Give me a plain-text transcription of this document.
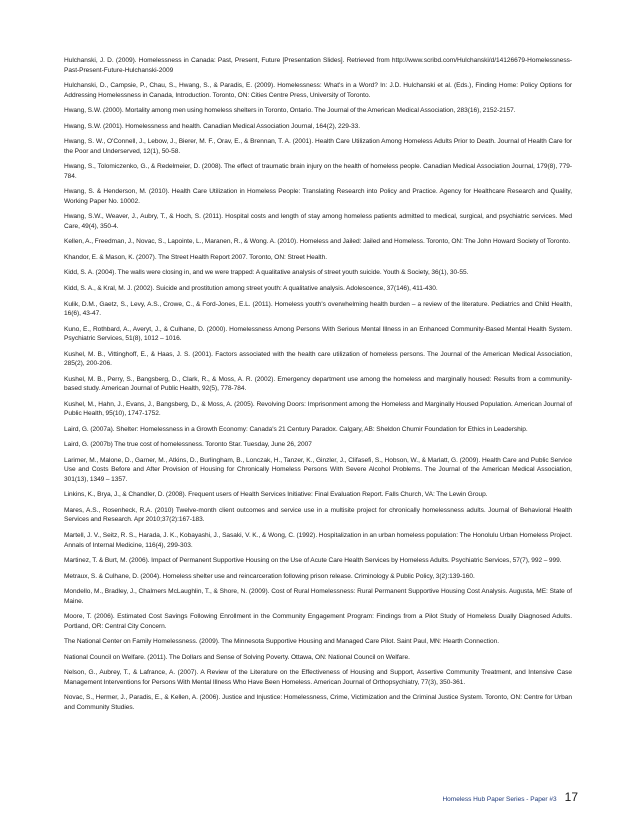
Hulchanski, J. D. (2009). Homelessness in Canada: Past, Present, Future [Presentation Slides]. Retrieved from http://www.scribd.com/Hulchanski/d/14126679-Homelessness-Past-Present-Future-Hulchanski-2009

Hulchanski, D., Campsie, P., Chau, S., Hwang, S., & Paradis, E. (2009). Homelessness: What's in a Word? In: J.D. Hulchanski et al. (Eds.), Finding Home: Policy Options for Addressing Homelessness in Canada, Introduction. Toronto, ON: Cities Centre Press, University of Toronto.

Hwang, S.W. (2000). Mortality among men using homeless shelters in Toronto, Ontario. The Journal of the American Medical Association, 283(16), 2152-2157.

Hwang, S.W. (2001). Homelessness and health. Canadian Medical Association Journal, 164(2), 229-33.

Hwang, S. W., O'Connell, J., Lebow, J., Bierer, M. F., Orav, E., & Brennan, T. A. (2001). Health Care Utilization Among Homeless Adults Prior to Death. Journal of Health Care for the Poor and Underserved, 12(1), 50-58.

Hwang, S., Tolomiczenko, G., & Redelmeier, D. (2008). The effect of traumatic brain injury on the health of homeless people. Canadian Medical Association Journal, 179(8), 779-784.

Hwang, S. & Henderson, M. (2010). Health Care Utilization in Homeless People: Translating Research into Policy and Practice. Agency for Healthcare Research and Quality, Working Paper No. 10002.

Hwang, S.W., Weaver, J., Aubry, T., & Hoch, S. (2011). Hospital costs and length of stay among homeless patients admitted to medical, surgical, and psychiatric services. Med Care, 49(4), 350-4.

Kellen, A., Freedman, J., Novac, S., Lapointe, L., Maranen, R., & Wong. A. (2010). Homeless and Jailed: Jailed and Homeless. Toronto, ON: The John Howard Society of Toronto.

Khandor, E. & Mason, K. (2007). The Street Health Report 2007. Toronto, ON: Street Health.

Kidd, S. A. (2004). The walls were closing in, and we were trapped: A qualitative analysis of street youth suicide. Youth & Society, 36(1), 30-55.

Kidd, S. A., & Kral, M. J. (2002). Suicide and prostitution among street youth: A qualitative analysis. Adolescence, 37(146), 411-430.

Kulik, D.M., Gaetz, S., Levy, A.S., Crowe, C., & Ford-Jones, E.L. (2011). Homeless youth's overwhelming health burden – a review of the literature. Pediatrics and Child Health, 16(6), 43-47.

Kuno, E., Rothbard, A., Averyt, J., & Culhane, D. (2000). Homelessness Among Persons With Serious Mental Illness in an Enhanced Community-Based Mental Health System. Psychiatric Services, 51(8), 1012 – 1016.

Kushel, M. B., Vittinghoff, E., & Haas, J. S. (2001). Factors associated with the health care utilization of homeless persons. The Journal of the American Medical Association, 285(2), 200-206.

Kushel, M. B., Perry, S., Bangsberg, D., Clark, R., & Moss, A. R. (2002). Emergency department use among the homeless and marginally housed: Results from a community-based study. American Journal of Public Health, 92(5), 778-784.

Kushel, M., Hahn, J., Evans, J., Bangsberg, D., & Moss, A. (2005). Revolving Doors: Imprisonment among the Homeless and Marginally Housed Population. American Journal of Public Health, 95(10), 1747-1752.

Laird, G. (2007a). Shelter: Homelessness in a Growth Economy: Canada's 21 Century Paradox. Calgary, AB: Sheldon Chumir Foundation for Ethics in Leadership.

Laird, G. (2007b) The true cost of homelessness. Toronto Star. Tuesday, June 26, 2007

Larimer, M., Malone, D., Garner, M., Atkins, D., Burlingham, B., Lonczak, H., Tanzer, K., Ginzler, J., Clifasefi, S., Hobson, W., & Marlatt, G. (2009). Health Care and Public Service Use and Costs Before and After Provision of Housing for Chronically Homeless Persons With Severe Alcohol Problems. The Journal of the American Medical Association, 301(13), 1349 – 1357.

Linkins, K., Brya, J., & Chandler, D. (2008). Frequent users of Health Services Initiative: Final Evaluation Report. Falls Church, VA: The Lewin Group.

Mares, A.S., Rosenheck, R.A. (2010) Twelve-month client outcomes and service use in a multisite project for chronically homelessness adults. Journal of Behavioral Health Services and Research. Apr 2010;37(2):167-183.

Martell, J. V., Seitz, R. S., Harada, J. K., Kobayashi, J., Sasaki, V. K., & Wong, C. (1992). Hospitalization in an urban homeless population: The Honolulu Urban Homeless Project. Annals of Internal Medicine, 116(4), 299-303.

Martinez, T. & Burt, M. (2006). Impact of Permanent Supportive Housing on the Use of Acute Care Health Services by Homeless Adults. Psychiatric Services, 57(7), 992 – 999.

Metraux, S. & Culhane, D. (2004). Homeless shelter use and reincarceration following prison release. Criminology & Public Policy, 3(2):139-160.

Mondello, M., Bradley, J., Chalmers McLaughlin, T., & Shore, N. (2009). Cost of Rural Homelessness: Rural Permanent Supportive Housing Cost Analysis. Augusta, ME: State of Maine.

Moore, T. (2006). Estimated Cost Savings Following Enrollment in the Community Engagement Program: Findings from a Pilot Study of Homeless Dually Diagnosed Adults. Portland, OR: Central City Concern.

The National Center on Family Homelessness. (2009). The Minnesota Supportive Housing and Managed Care Pilot. Saint Paul, MN: Hearth Connection.

National Council on Welfare. (2011). The Dollars and Sense of Solving Poverty. Ottawa, ON: National Council on Welfare.

Nelson, G., Aubrey, T., & Lafrance, A. (2007). A Review of the Literature on the Effectiveness of Housing and Support, Assertive Community Treatment, and Intensive Case Management Interventions for Persons With Mental Illness Who Have Been Homeless. American Journal of Orthopsychiatry, 77(3), 350-361.

Novac, S., Hermer, J., Paradis, E., & Kellen, A. (2006). Justice and Injustice: Homelessness, Crime, Victimization and the Criminal Justice System. Toronto, ON: Centre for Urban and Community Studies.

Homeless Hub Paper Series - Paper #3 17
